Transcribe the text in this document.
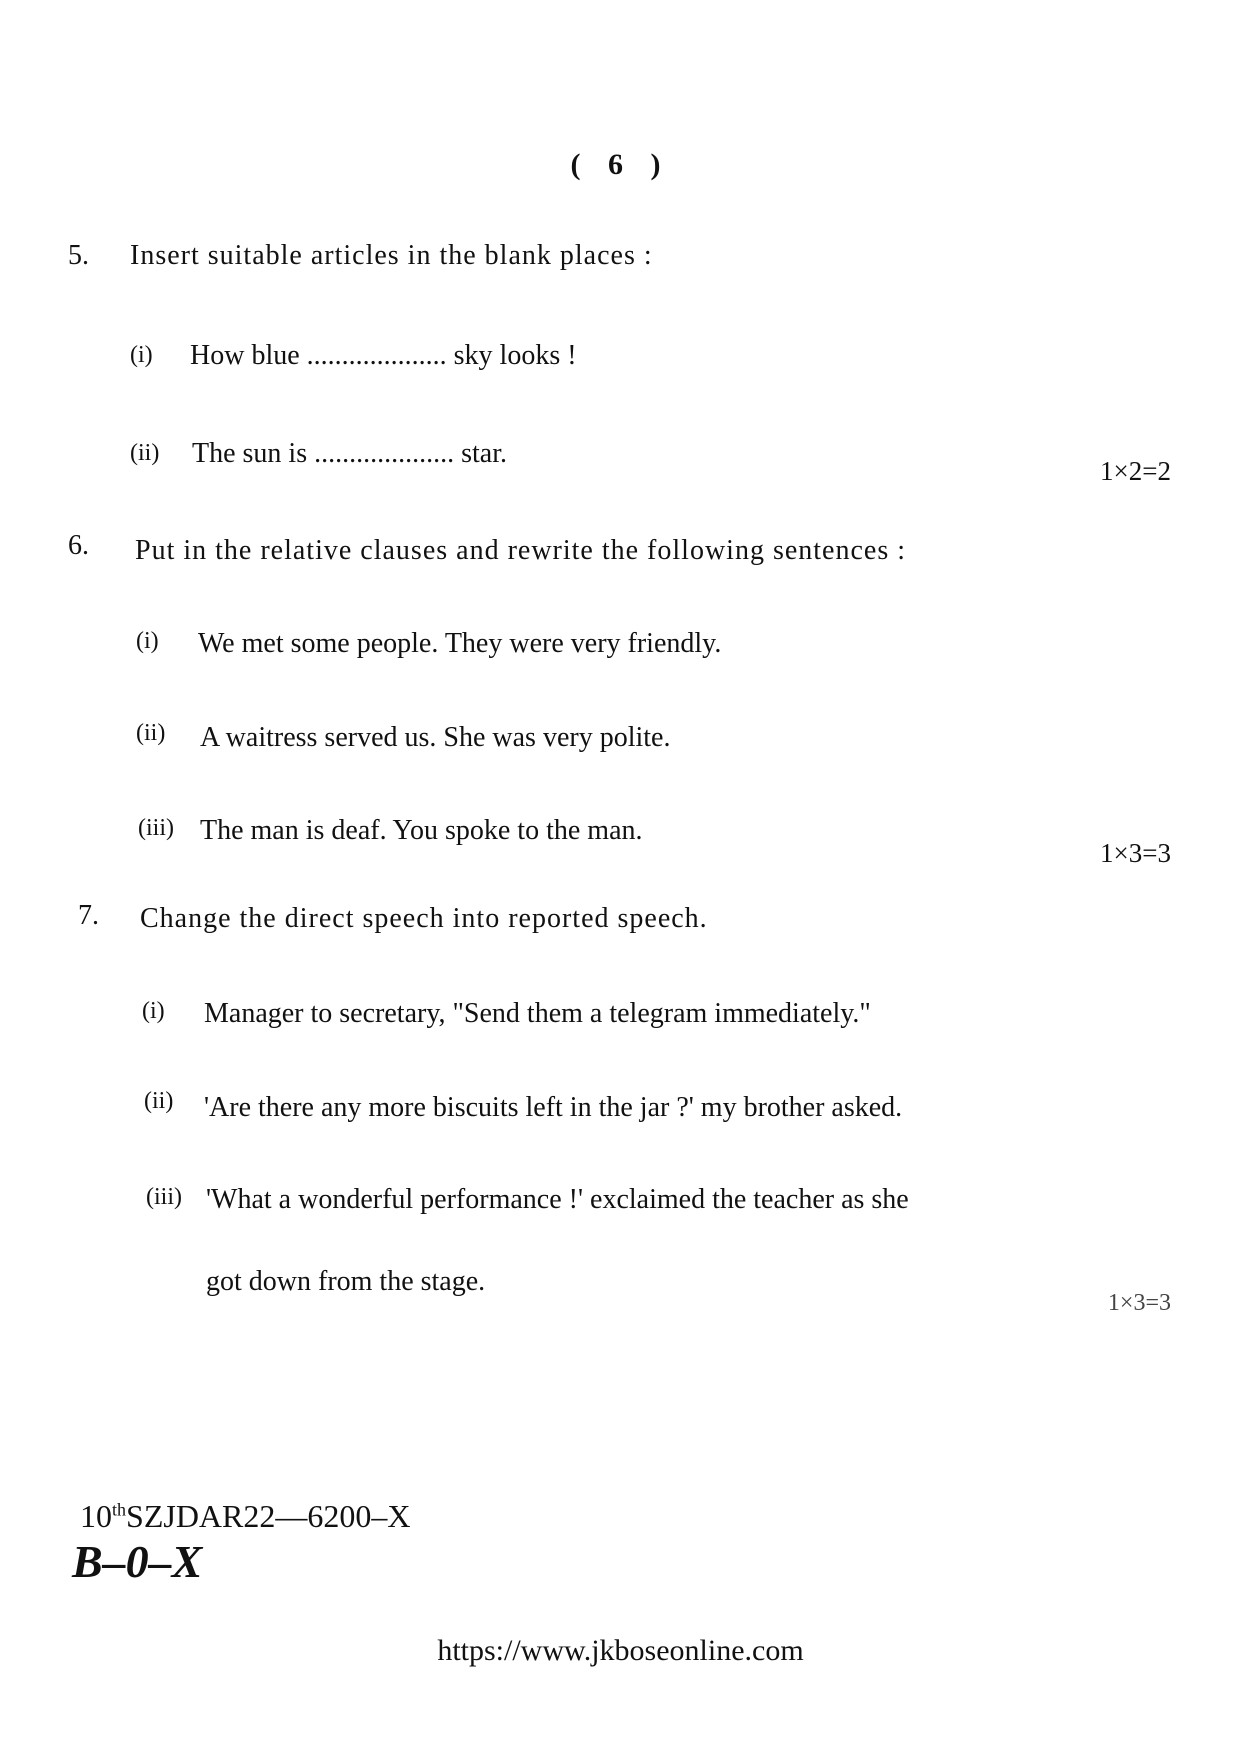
( 6 )
5. Insert suitable articles in the blank places :
(i) How blue .................... sky looks !
(ii) The sun is .................... star.
1×2=2
6. Put in the relative clauses and rewrite the following sentences :
(i) We met some people. They were very friendly.
(ii) A waitress served us. She was very polite.
(iii) The man is deaf. You spoke to the man.
1×3=3
7. Change the direct speech into reported speech.
(i) Manager to secretary, "Send them a telegram immediately."
(ii) 'Are there any more biscuits left in the jar ?' my brother asked.
(iii) 'What a wonderful performance !' exclaimed the teacher as she
got down from the stage.
1×3=3
10thSZJDAR22—6200–X
B–0–X
https://www.jkboseonline.com
